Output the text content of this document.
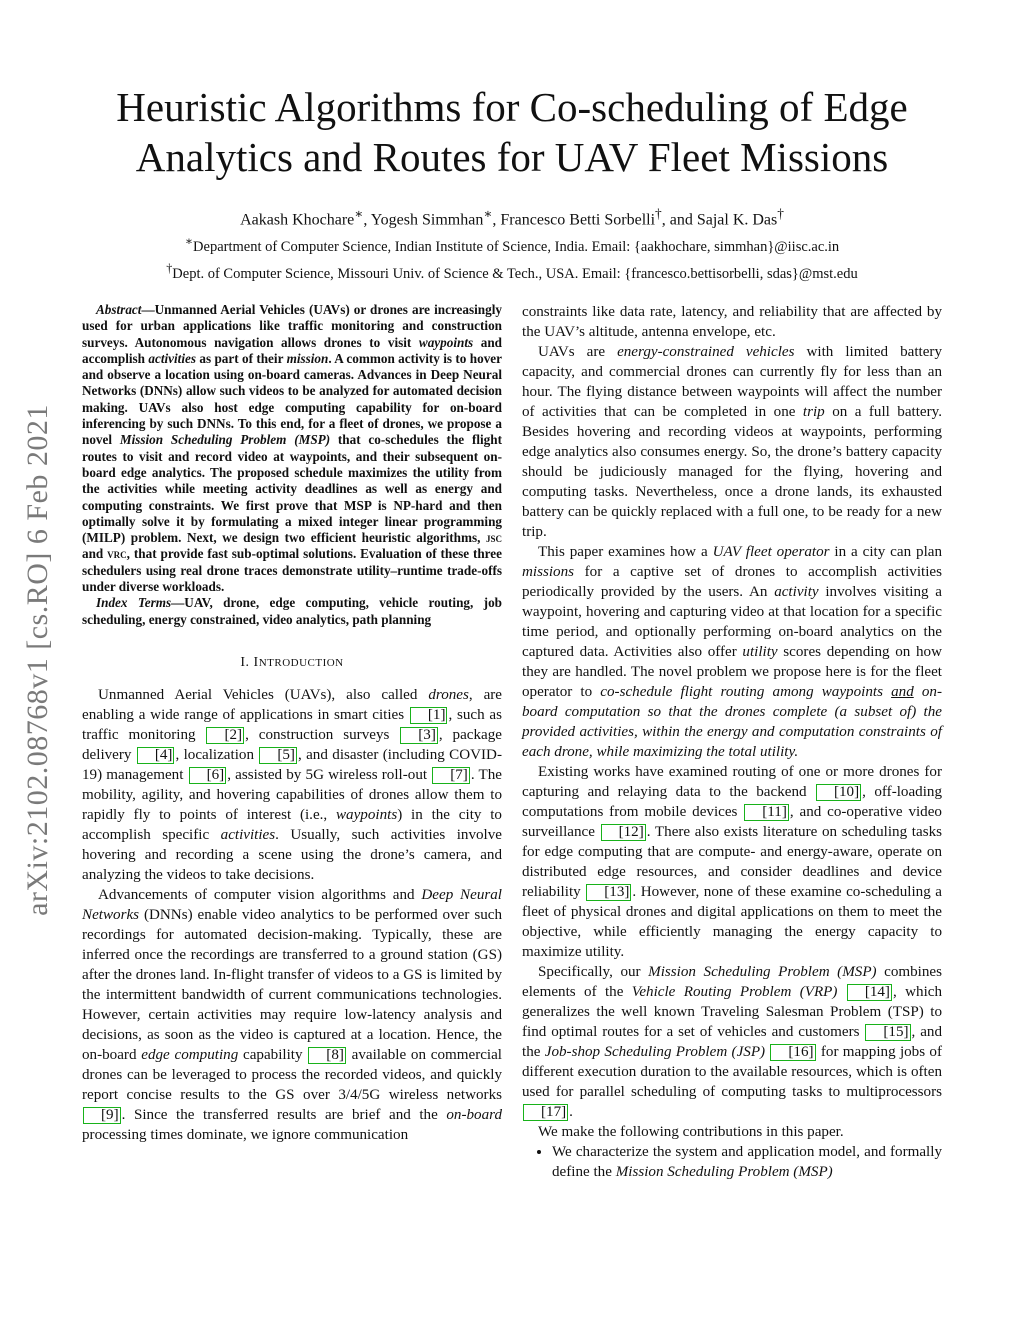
arXiv:2102.08768v1 [cs.RO] 6 Feb 2021
Heuristic Algorithms for Co-scheduling of Edge
Analytics and Routes for UAV Fleet Missions
Aakash Khochare∗, Yogesh Simmhan∗, Francesco Betti Sorbelli†, and Sajal K. Das†
∗Department of Computer Science, Indian Institute of Science, India. Email: {aakhochare, simmhan}@iisc.ac.in
†Dept. of Computer Science, Missouri Univ. of Science & Tech., USA. Email: {francesco.bettisorbelli, sdas}@mst.edu

Abstract—Unmanned Aerial Vehicles (UAVs) or drones are increasingly used for urban applications like traffic monitoring and construction surveys. Autonomous navigation allows drones to visit waypoints and accomplish activities as part of their mission. A common activity is to hover and observe a location using on-board cameras. Advances in Deep Neural Networks (DNNs) allow such videos to be analyzed for automated decision making. UAVs also host edge computing capability for on-board inferencing by such DNNs. To this end, for a fleet of drones, we propose a novel Mission Scheduling Problem (MSP) that co-schedules the flight routes to visit and record video at waypoints, and their subsequent on-board edge analytics. The proposed schedule maximizes the utility from the activities while meeting activity deadlines as well as energy and computing constraints. We first prove that MSP is NP-hard and then optimally solve it by formulating a mixed integer linear programming (MILP) problem. Next, we design two efficient heuristic algorithms, jsc and vrc, that provide fast sub-optimal solutions. Evaluation of these three schedulers using real drone traces demonstrate utility–runtime trade-offs under diverse workloads.

Index Terms—UAV, drone, edge computing, vehicle routing, job scheduling, energy constrained, video analytics, path planning

I. Introduction

Unmanned Aerial Vehicles (UAVs), also called drones, are enabling a wide range of applications in smart cities [1] , such as traffic monitoring [2] , construction surveys [3] , package delivery [4] , localization [5] , and disaster (including COVID-19) management [6] , assisted by 5G wireless roll-out [7] . The mobility, agility, and hovering capabilities of drones allow them to rapidly fly to points of interest (i.e., waypoints) in the city to accomplish specific activities. Usually, such activities involve hovering and recording a scene using the drone’s camera, and analyzing the videos to take decisions.

Advancements of computer vision algorithms and Deep Neural Networks (DNNs) enable video analytics to be performed over such recordings for automated decision-making. Typically, these are inferred once the recordings are transferred to a ground station (GS) after the drones land. In-flight transfer of videos to a GS is limited by the intermittent bandwidth of current communications technologies. However, certain activities may require low-latency analysis and decisions, as soon as the video is captured at a location. Hence, the on-board edge computing capability [8] available on commercial drones can be leveraged to process the recorded videos, and quickly report concise results to the GS over 3/4/5G wireless networks [9] . Since the transferred results are brief and the on-board processing times dominate, we ignore communication

constraints like data rate, latency, and reliability that are affected by the UAV’s altitude, antenna envelope, etc.

UAVs are energy-constrained vehicles with limited battery capacity, and commercial drones can currently fly for less than an hour. The flying distance between waypoints will affect the number of activities that can be completed in one trip on a full battery. Besides hovering and recording videos at waypoints, performing edge analytics also consumes energy. So, the drone’s battery capacity should be judiciously managed for the flying, hovering and computing tasks. Nevertheless, once a drone lands, its exhausted battery can be quickly replaced with a full one, to be ready for a new trip.

This paper examines how a UAV fleet operator in a city can plan missions for a captive set of drones to accomplish activities periodically provided by the users. An activity involves visiting a waypoint, hovering and capturing video at that location for a specific time period, and optionally performing on-board analytics on the captured data. Activities also offer utility scores depending on how they are handled. The novel problem we propose here is for the fleet operator to co-schedule flight routing among waypoints and on-board computation so that the drones complete (a subset of) the provided activities, within the energy and computation constraints of each drone, while maximizing the total utility.

Existing works have examined routing of one or more drones for capturing and relaying data to the backend [10] , off-loading computations from mobile devices [11] , and co-operative video surveillance [12] . There also exists literature on scheduling tasks for edge computing that are compute- and energy-aware, operate on distributed edge resources, and consider deadlines and device reliability [13] . However, none of these examine co-scheduling a fleet of physical drones and digital applications on them to meet the objective, while efficiently managing the energy capacity to maximize utility.

Specifically, our Mission Scheduling Problem (MSP) combines elements of the Vehicle Routing Problem (VRP) [14] , which generalizes the well known Traveling Salesman Problem (TSP) to find optimal routes for a set of vehicles and customers [15] , and the Job-shop Scheduling Problem (JSP) [16] for mapping jobs of different execution duration to the available resources, which is often used for parallel scheduling of computing tasks to multiprocessors [17] .

We make the following contributions in this paper.

• We characterize the system and application model, and formally define the Mission Scheduling Problem (MSP)
